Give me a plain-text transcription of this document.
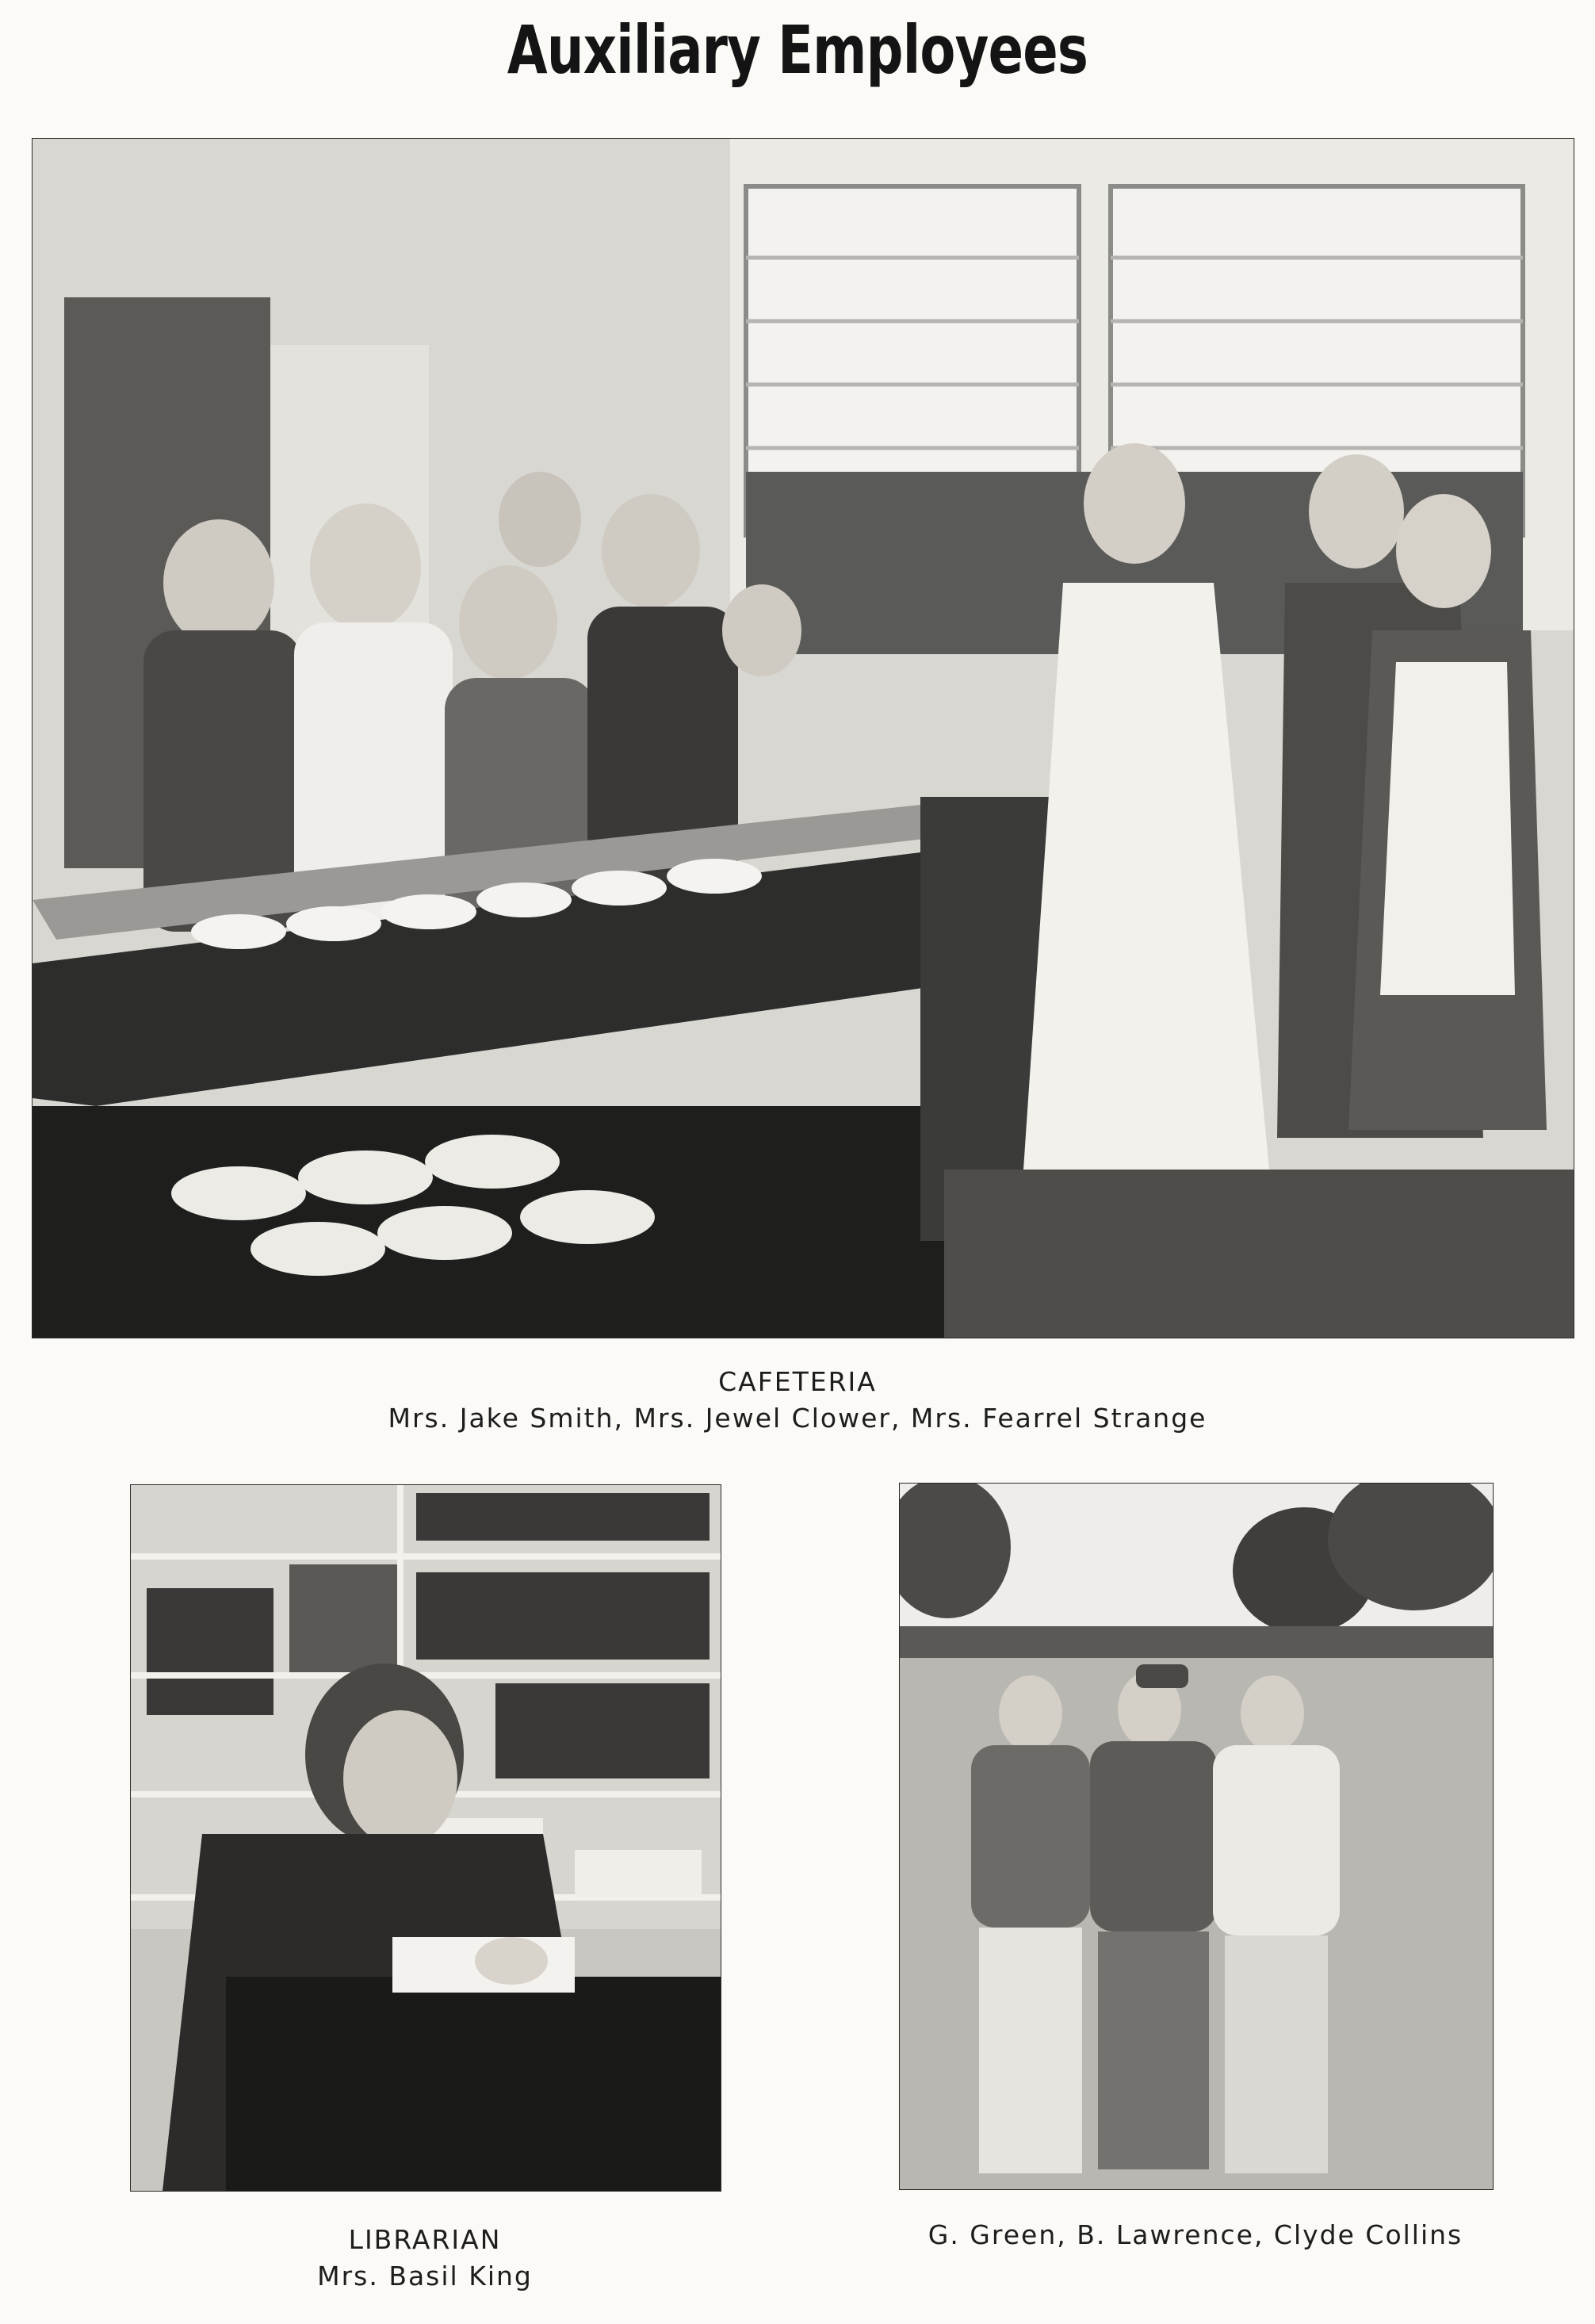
Auxiliary Employees
CAFETERIA
Mrs. Jake Smith, Mrs. Jewel Clower, Mrs. Fearrel Strange
LIBRARIAN
Mrs. Basil King
G. Green, B. Lawrence, Clyde Collins
